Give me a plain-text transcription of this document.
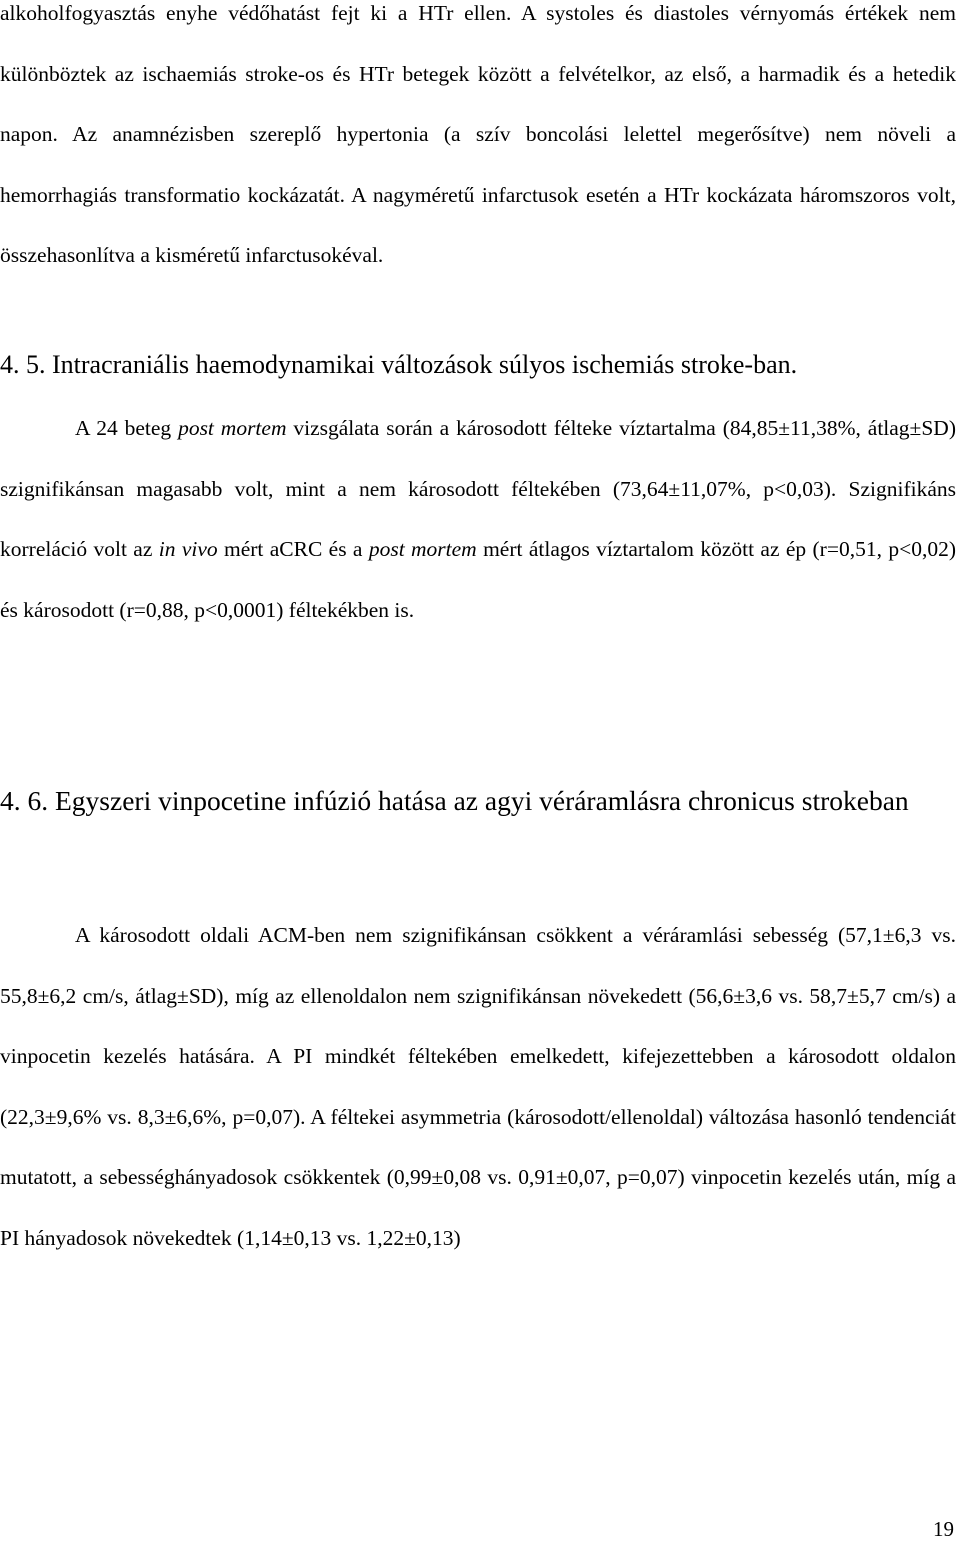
alkoholfogyasztás enyhe védőhatást fejt ki a HTr ellen. A systoles és diastoles vérnyomás értékek nem különböztek az ischaemiás stroke-os és HTr betegek között a felvételkor, az első, a harmadik és a hetedik napon. Az anamnézisben szereplő hypertonia (a szív boncolási lelettel megerősítve) nem növeli a hemorrhagiás transformatio kockázatát. A nagyméretű infarctusok esetén a HTr kockázata háromszoros volt, összehasonlítva a kisméretű infarctusokéval.

4. 5. Intracraniális haemodynamikai változások súlyos ischemiás stroke-ban.

A 24 beteg post mortem vizsgálata során a károsodott félteke víztartalma (84,85±11,38%, átlag±SD) szignifikánsan magasabb volt, mint a nem károsodott féltekében (73,64±11,07%, p<0,03). Szignifikáns korreláció volt az in vivo mért aCRC és a post mortem mért átlagos víztartalom között az ép (r=0,51, p<0,02) és károsodott (r=0,88, p<0,0001) féltekékben is.

4. 6. Egyszeri vinpocetine infúzió hatása az agyi véráramlásra chronicus strokeban

A károsodott oldali ACM-ben nem szignifikánsan csökkent a véráramlási sebesség (57,1±6,3 vs. 55,8±6,2 cm/s, átlag±SD), míg az ellenoldalon nem szignifikánsan növekedett (56,6±3,6 vs. 58,7±5,7 cm/s) a vinpocetin kezelés hatására. A PI mindkét féltekében emelkedett, kifejezettebben a károsodott oldalon (22,3±9,6% vs. 8,3±6,6%, p=0,07). A féltekei asymmetria (károsodott/ellenoldal) változása hasonló tendenciát mutatott, a sebességhányadosok csökkentek (0,99±0,08 vs. 0,91±0,07, p=0,07) vinpocetin kezelés után, míg a PI hányadosok növekedtek (1,14±0,13 vs. 1,22±0,13)

19
